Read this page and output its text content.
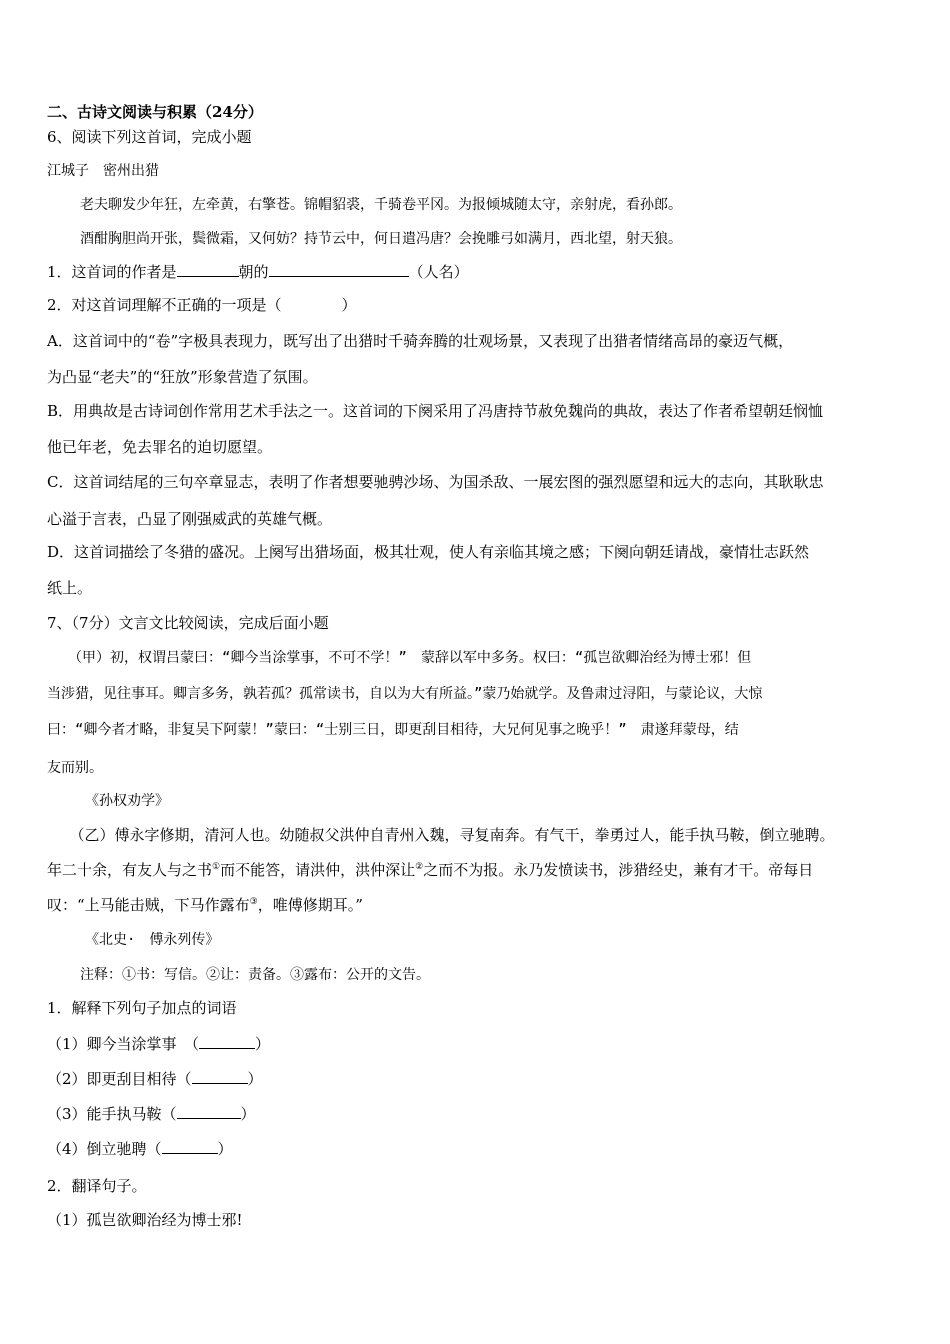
二、古诗文阅读与积累（24分）
6、阅读下列这首词，完成小题
江城子　密州出猎
老夫聊发少年狂，左牵黄，右擎苍。锦帽貂裘，千骑卷平冈。为报倾城随太守，亲射虎，看孙郎。
酒酣胸胆尚开张，鬓微霜，又何妨？持节云中，何日遣冯唐？会挽雕弓如满月，西北望，射天狼。
1．这首词的作者是	朝的	（人名）
2．对这首词理解不正确的一项是（　　　　）
A．这首词中的“卷”字极具表现力，既写出了出猎时千骑奔腾的壮观场景，又表现了出猎者情绪高昂的豪迈气概，
为凸显“老夫”的“狂放”形象营造了氛围。
B．用典故是古诗词创作常用艺术手法之一。这首词的下阕采用了冯唐持节赦免魏尚的典故，表达了作者希望朝廷悯恤
他已年老，免去罪名的迫切愿望。
C．这首词结尾的三句卒章显志，表明了作者想要驰骋沙场、为国杀敌、一展宏图的强烈愿望和远大的志向，其耿耿忠
心溢于言表，凸显了刚强威武的英雄气概。
D．这首词描绘了冬猎的盛况。上阕写出猎场面，极其壮观，使人有亲临其境之感；下阕向朝廷请战，豪情壮志跃然
纸上。
7、（7分）文言文比较阅读，完成后面小题
　　（甲）初，权谓吕蒙曰：“卿今当涂掌事，不可不学！”　蒙辞以军中多务。权曰：“孤岂欲卿治经为博士邪！但
当涉猎，见往事耳。卿言多务，孰若孤？孤常读书，自以为大有所益。”蒙乃始就学。及鲁肃过浔阳，与蒙论议，大惊
曰：“卿今者才略，非复吴下阿蒙！”蒙曰：“士别三日，即更刮目相待，大兄何见事之晚乎！”　肃遂拜蒙母，结
友而别。
《孙权劝学》
　　（乙）傅永字修期，清河人也。幼随叔父洪仲自青州入魏，寻复南奔。有气干，拳勇过人，能手执马鞍，倒立驰聘。
年二十余，有友人与之书①而不能答，请洪仲，洪仲深让②之而不为报。永乃发愤读书，涉猎经史，兼有才干。帝每日
叹：“上马能击贼，下马作露布③，唯傅修期耳。”
《北史·　傅永列传》
注释：①书：写信。②让：责备。③露布：公开的文告。
1．解释下列句子加点的词语
（1）卿今当涂掌事　（	）
（2）即更刮目相待（	）
（3）能手执马鞍（	）
（4）倒立驰聘（	）
2．翻译句子。
（1）孤岂欲卿治经为博士邪!
